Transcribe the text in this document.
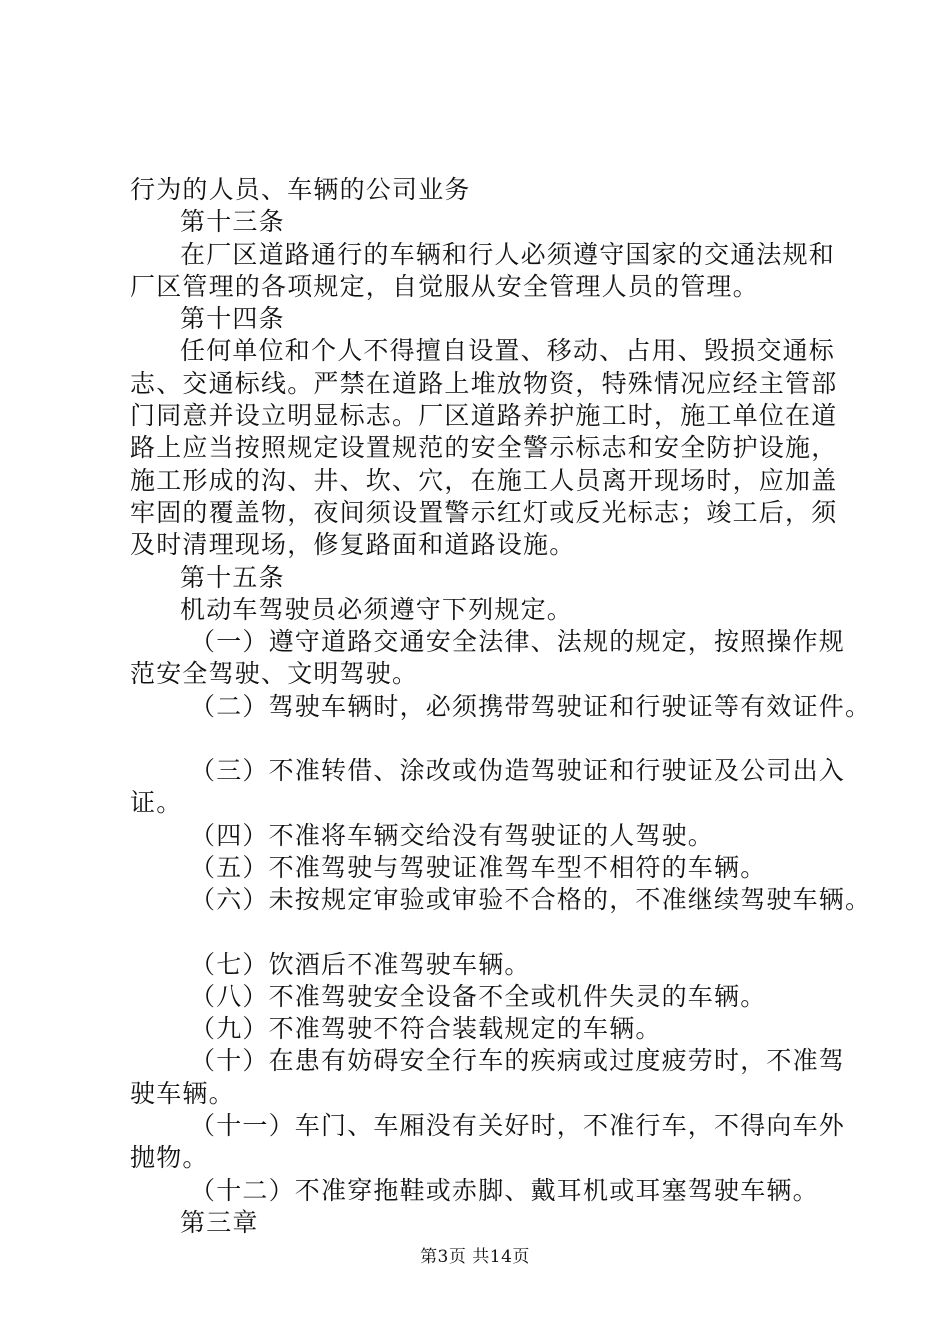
行为的人员、车辆的公司业务
第十三条
在厂区道路通行的车辆和行人必须遵守国家的交通法规和
厂区管理的各项规定，自觉服从安全管理人员的管理。
第十四条
任何单位和个人不得擅自设置、移动、占用、毁损交通标
志、交通标线。严禁在道路上堆放物资，特殊情况应经主管部
门同意并设立明显标志。厂区道路养护施工时，施工单位在道
路上应当按照规定设置规范的安全警示标志和安全防护设施，
施工形成的沟、井、坎、穴，在施工人员离开现场时，应加盖
牢固的覆盖物，夜间须设置警示红灯或反光标志；竣工后，须
及时清理现场，修复路面和道路设施。
第十五条
机动车驾驶员必须遵守下列规定。
（一）遵守道路交通安全法律、法规的规定，按照操作规
范安全驾驶、文明驾驶。
（二）驾驶车辆时，必须携带驾驶证和行驶证等有效证件。
（三）不准转借、涂改或伪造驾驶证和行驶证及公司出入
证。
（四）不准将车辆交给没有驾驶证的人驾驶。
（五）不准驾驶与驾驶证准驾车型不相符的车辆。
（六）未按规定审验或审验不合格的，不准继续驾驶车辆。
（七）饮酒后不准驾驶车辆。
（八）不准驾驶安全设备不全或机件失灵的车辆。
（九）不准驾驶不符合装载规定的车辆。
（十）在患有妨碍安全行车的疾病或过度疲劳时，不准驾
驶车辆。
（十一）车门、车厢没有关好时，不准行车，不得向车外
抛物。
（十二）不准穿拖鞋或赤脚、戴耳机或耳塞驾驶车辆。
第三章
第3页 共14页
